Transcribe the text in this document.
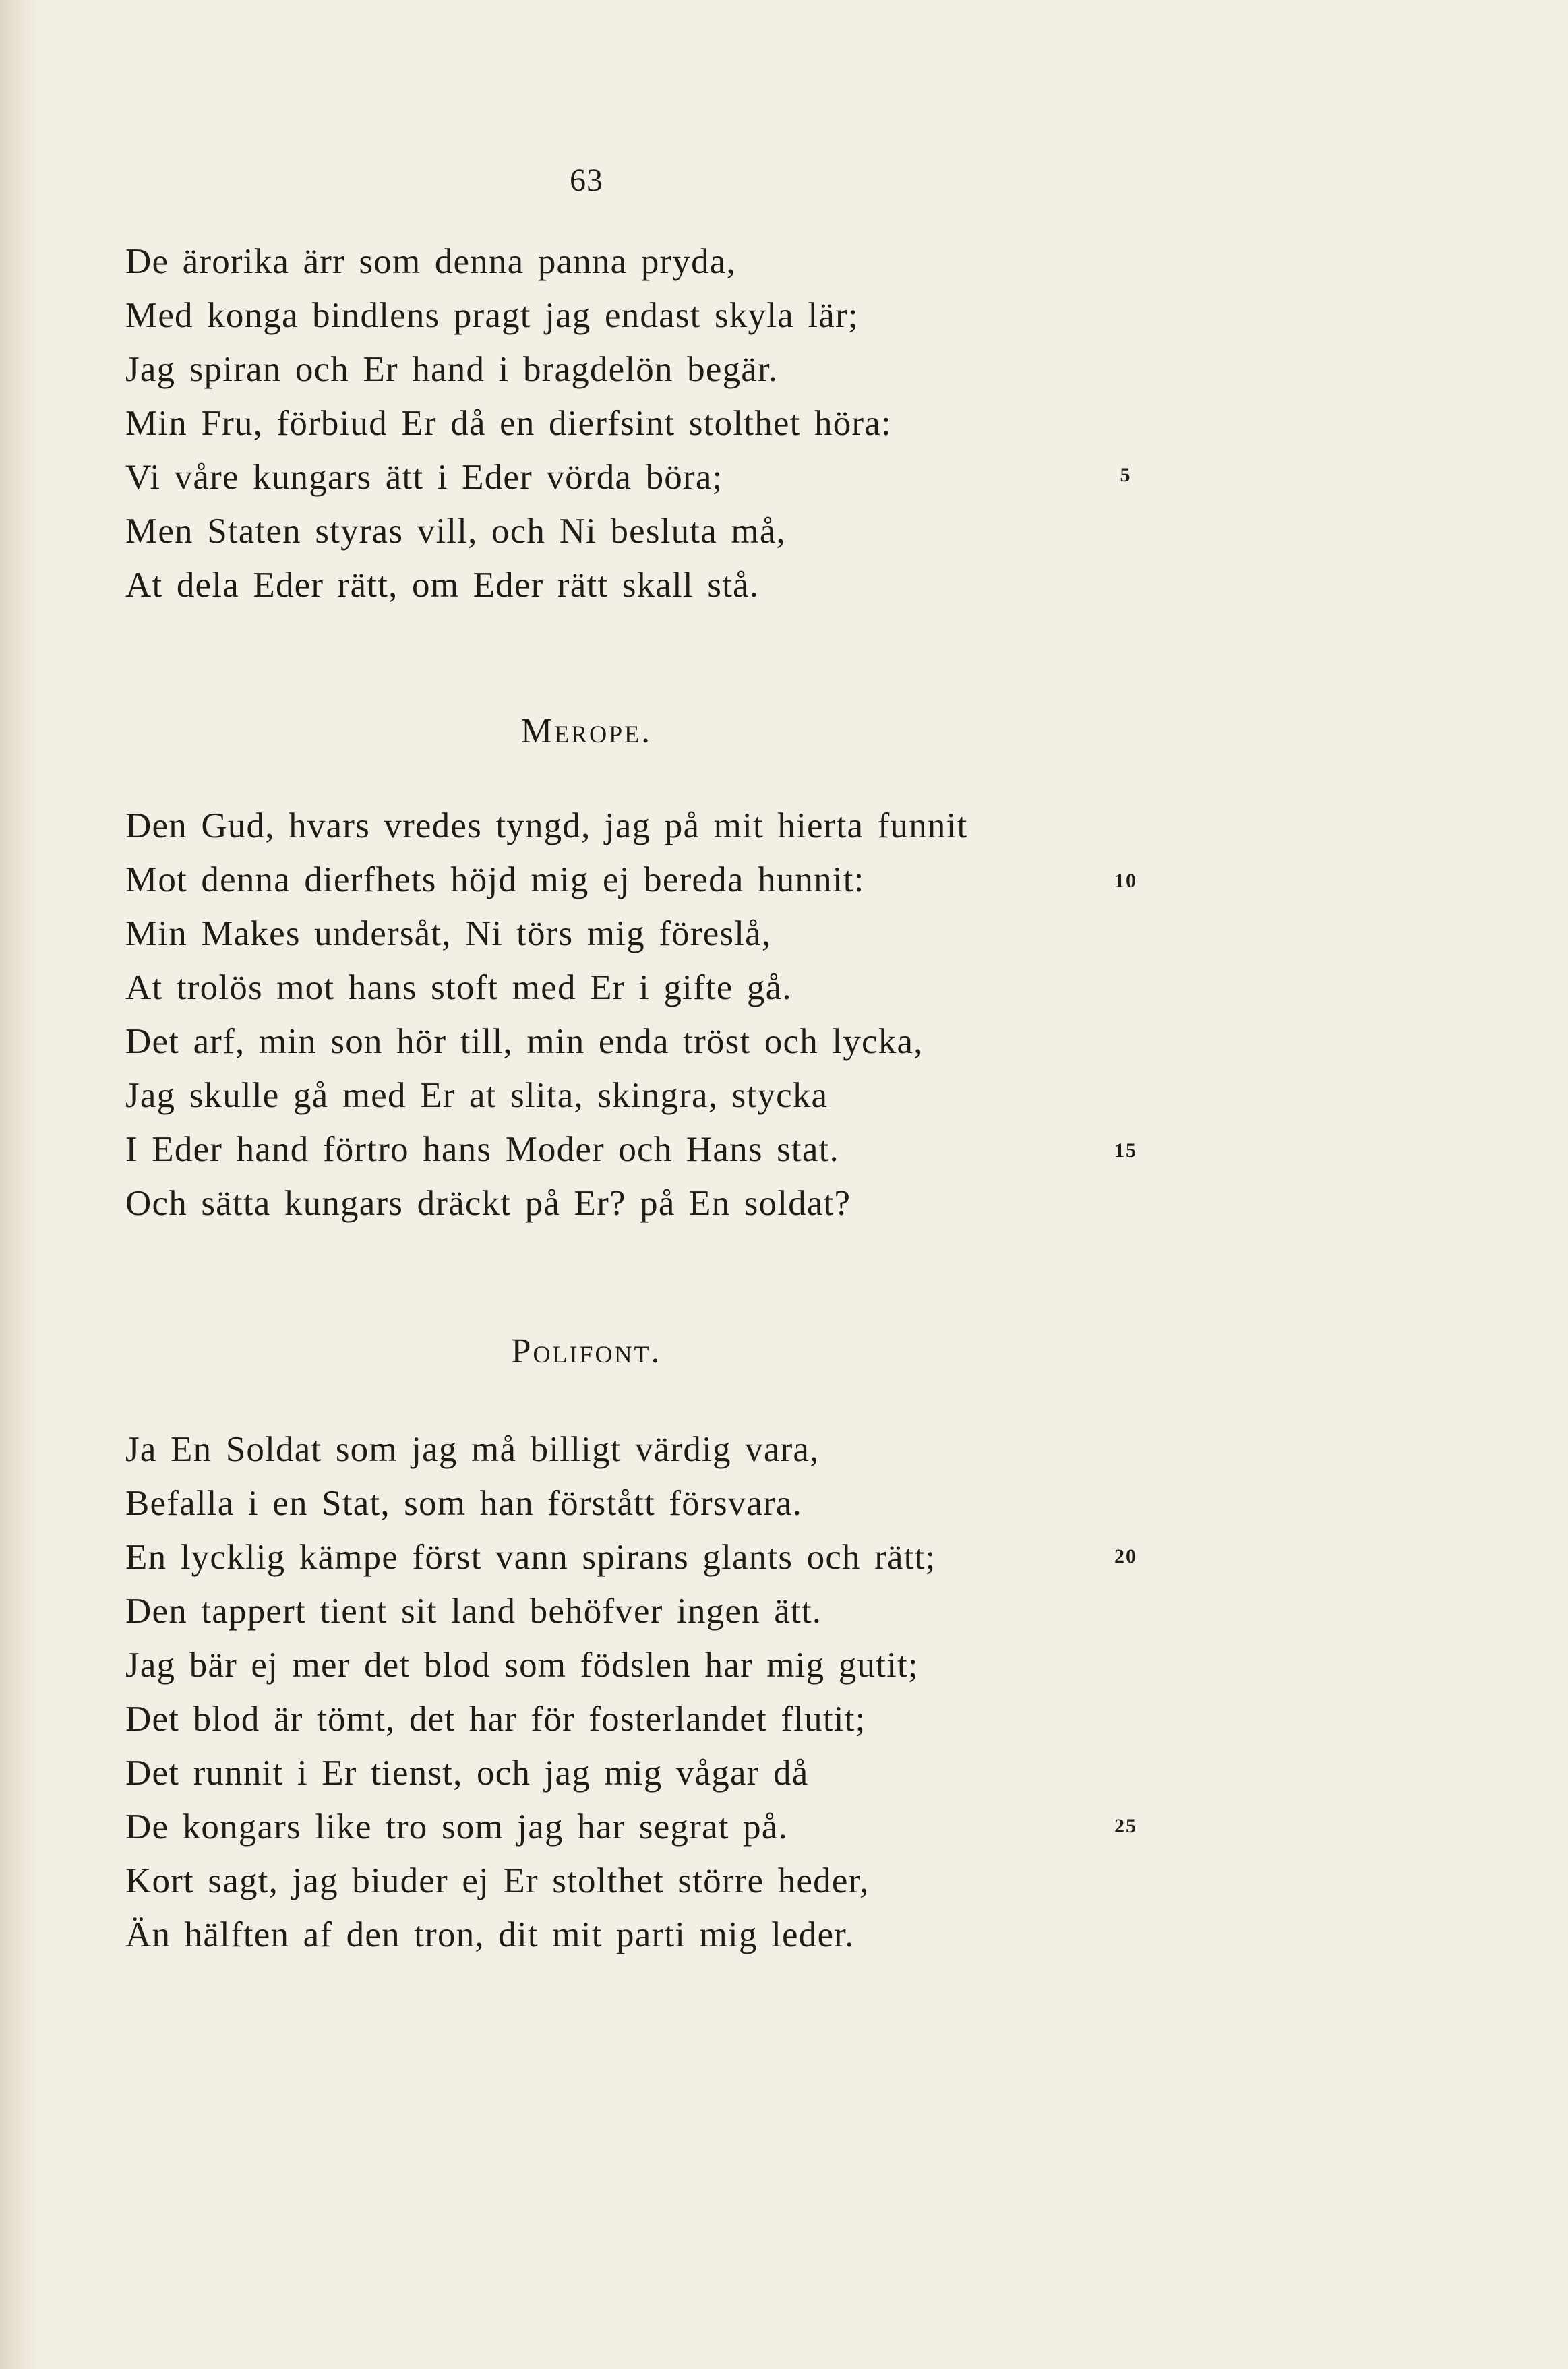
63
De ärorika ärr som denna panna pryda,
Med konga bindlens pragt jag endast skyla lär;
Jag spiran och Er hand i bragdelön begär.
Min Fru, förbiud Er då en dierfsint stolthet höra:
Vi våre kungars ätt i Eder vörda böra;	5
Men Staten styras vill, och Ni besluta må,
At dela Eder rätt, om Eder rätt skall stå.
Merope.
Den Gud, hvars vredes tyngd, jag på mit hierta funnit
Mot denna dierfhets höjd mig ej bereda hunnit:	10
Min Makes undersåt, Ni törs mig föreslå,
At trolös mot hans stoft med Er i gifte gå.
Det arf, min son hör till, min enda tröst och lycka,
Jag skulle gå med Er at slita, skingra, stycka
I Eder hand förtro hans Moder och Hans stat.	15
Och sätta kungars dräckt på Er? på En soldat?
Polifont.
Ja En Soldat som jag må billigt värdig vara,
Befalla i en Stat, som han förstått försvara.
En lycklig kämpe först vann spirans glants och rätt;	20
Den tappert tient sit land behöfver ingen ätt.
Jag bär ej mer det blod som födslen har mig gutit;
Det blod är tömt, det har för fosterlandet flutit;
Det runnit i Er tienst, och jag mig vågar då
De kongars like tro som jag har segrat på.	25
Kort sagt, jag biuder ej Er stolthet större heder,
Än hälften af den tron, dit mit parti mig leder.
